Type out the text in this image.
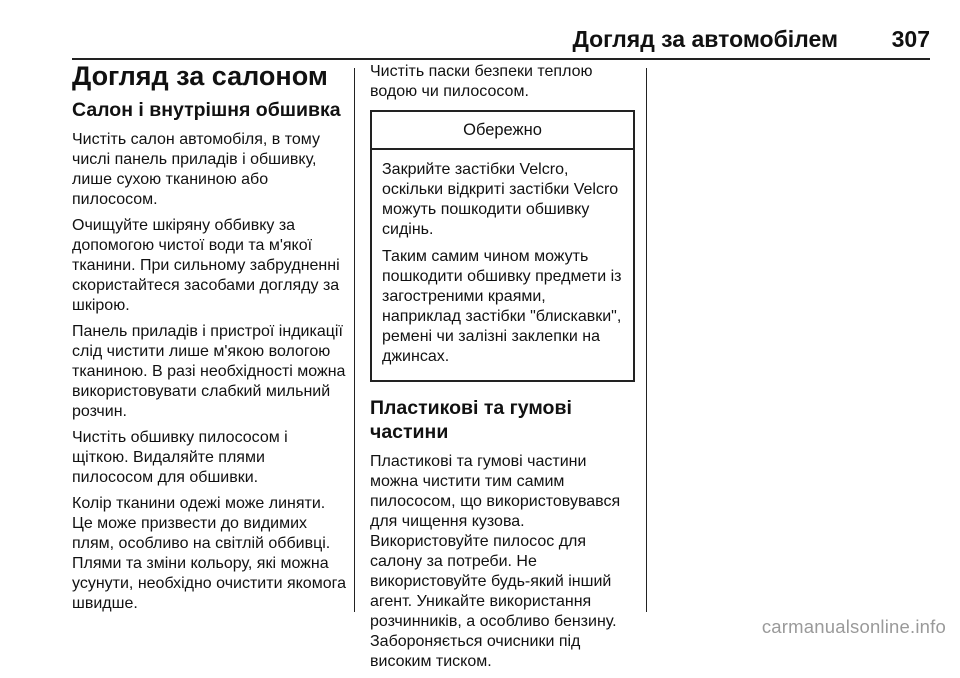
Догляд за автомобілем 307
Догляд за салоном
Салон і внутрішня обшивка

Чистіть салон автомобіля, в тому числі панель приладів і обшивку, лише сухою тканиною або пилососом.

Очищуйте шкіряну оббивку за допомогою чистої води та м'якої тканини. При сильному забрудненні скористайтеся засобами догляду за шкірою.

Панель приладів і пристрої індикації слід чистити лише м'якою вологою тканиною. В разі необхідності можна використовувати слабкий мильний розчин.

Чистіть обшивку пилососом і щіткою. Видаляйте плями пилососом для обшивки.

Колір тканини одежі може линяти. Це може призвести до видимих плям, особливо на світлій оббивці. Плями та зміни кольору, які можна усунути, необхідно очистити якомога швидше.

Чистіть паски безпеки теплою водою чи пилососом.

Обережно

Закрийте застібки Velcro, оскільки відкриті застібки Velcro можуть пошкодити обшивку сидінь.

Таким самим чином можуть пошкодити обшивку предмети із загостреними краями, наприклад застібки "блискавки", ремені чи залізні заклепки на джинсах.

Пластикові та гумові частини

Пластикові та гумові частини можна чистити тим самим пилососом, що використовувався для чищення кузова. Використовуйте пилосос для салону за потреби. Не використовуйте будь-який інший агент. Уникайте використання розчинників, а особливо бензину. Забороняється очисники під високим тиском.

carmanualsonline.info
